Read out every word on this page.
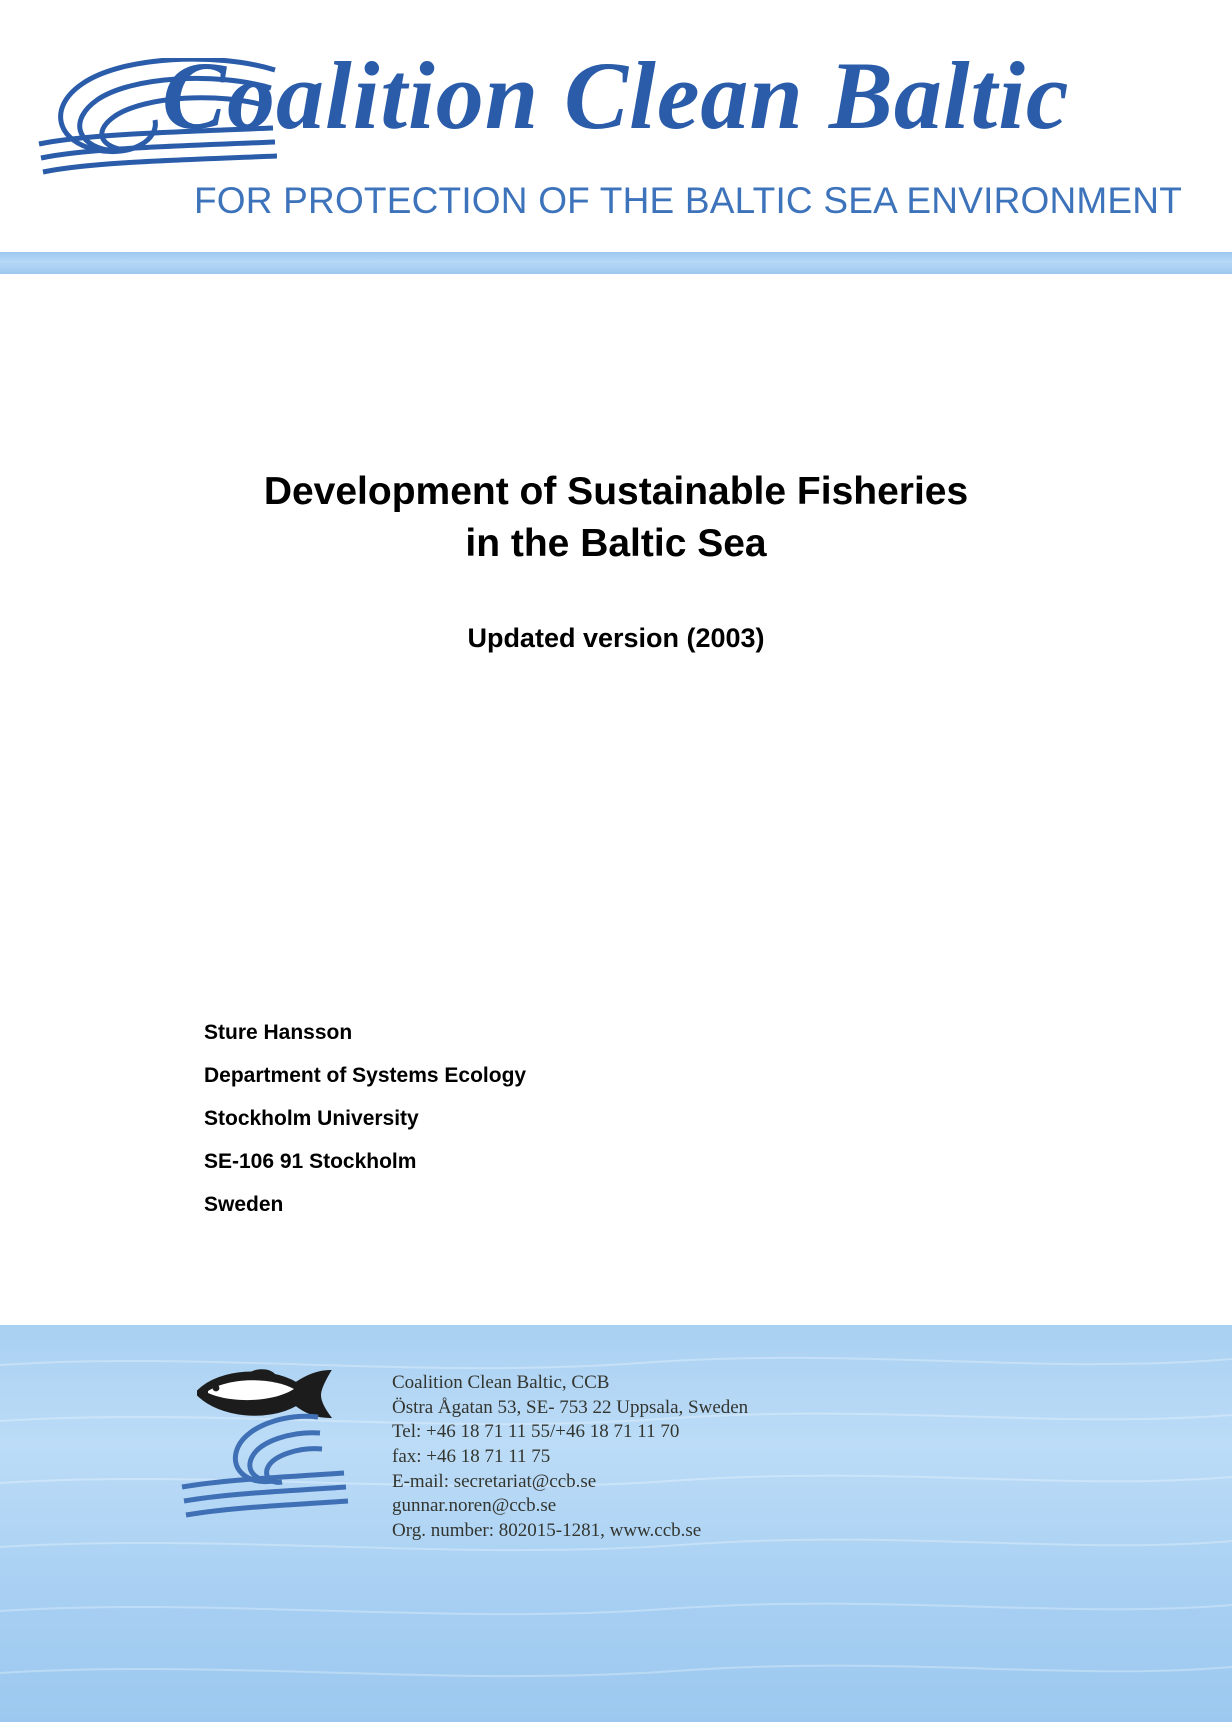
Coalition Clean Baltic
FOR PROTECTION OF THE BALTIC SEA ENVIRONMENT
Development of Sustainable Fisheries
in the Baltic Sea
Updated version (2003)
Sture Hansson
Department of Systems Ecology
Stockholm University
SE-106 91 Stockholm
Sweden
Coalition Clean Baltic, CCB
Östra Ågatan 53, SE- 753 22 Uppsala, Sweden
Tel: +46 18 71 11 55/+46 18 71 11 70
fax: +46 18 71 11 75
E-mail: secretariat@ccb.se
gunnar.noren@ccb.se
Org. number: 802015-1281, www.ccb.se
